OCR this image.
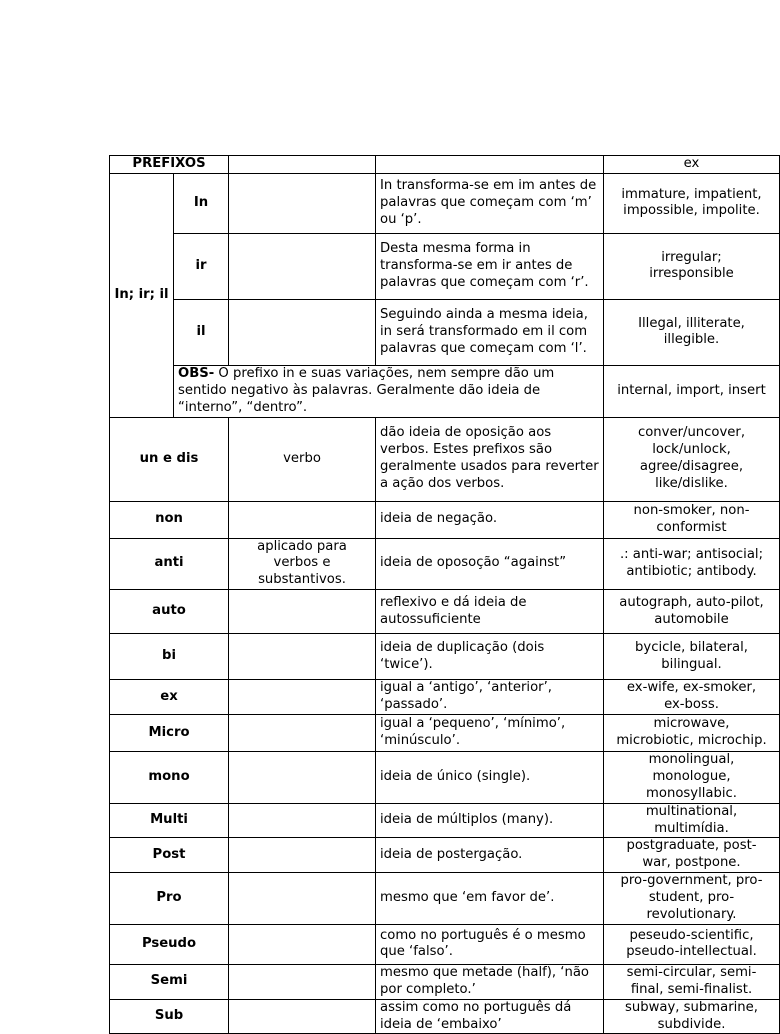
PREFIXOS				ex
In; ir; il	In		In transforma-se em im antes de palavras que começam com ‘m’ ou ‘p’.	immature, impatient,
impossible, impolite.
	ir		Desta mesma forma in transforma-se em ir antes de palavras que começam com ‘r’.	irregular;
irresponsible
	il		Seguindo ainda a mesma ideia, in será transformado em il com palavras que começam com ‘l’.	Illegal, illiterate,
illegible.
	OBS- O prefixo in e suas variações, nem sempre dão um sentido negativo às palavras. Geralmente dão ideia de “interno”, “dentro”.			internal, import, insert
un e dis		verbo	dão ideia de oposição aos verbos. Estes prefixos são geralmente usados para reverter a ação dos verbos.	conver/uncover,
lock/unlock,
agree/disagree,
like/dislike.
non			ideia de negação.	non-smoker, non-
conformist
anti		aplicado para verbos e substantivos.	ideia de oposoção “against”	.: anti-war; antisocial;
antibiotic; antibody.
auto			reflexivo e dá ideia de autossuficiente	autograph, auto-pilot,
automobile
bi			ideia de duplicação (dois ‘twice’).	bycicle, bilateral,
bilingual.
ex			igual a ‘antigo’, ‘anterior’, ‘passado’.	ex-wife, ex-smoker,
ex-boss.
Micro			igual a ‘pequeno’, ‘mínimo’, ‘minúsculo’.	microwave,
microbiotic, microchip.
mono			ideia de único (single).	monolingual,
monologue,
monosyllabic.
Multi			ideia de múltiplos (many).	multinational,
multimídia.
Post			ideia de postergação.	postgraduate, post-
war, postpone.
Pro			mesmo que ‘em favor de’.	pro-government, pro-
student, pro-
revolutionary.
Pseudo			como no português é o mesmo que ‘falso’.	peseudo-scientific,
pseudo-intellectual.
Semi			mesmo que metade (half), ‘não por completo.’	semi-circular, semi-
final, semi-finalist.
Sub			assim como no português dá ideia de ‘embaixo’	subway, submarine,
subdivide.
